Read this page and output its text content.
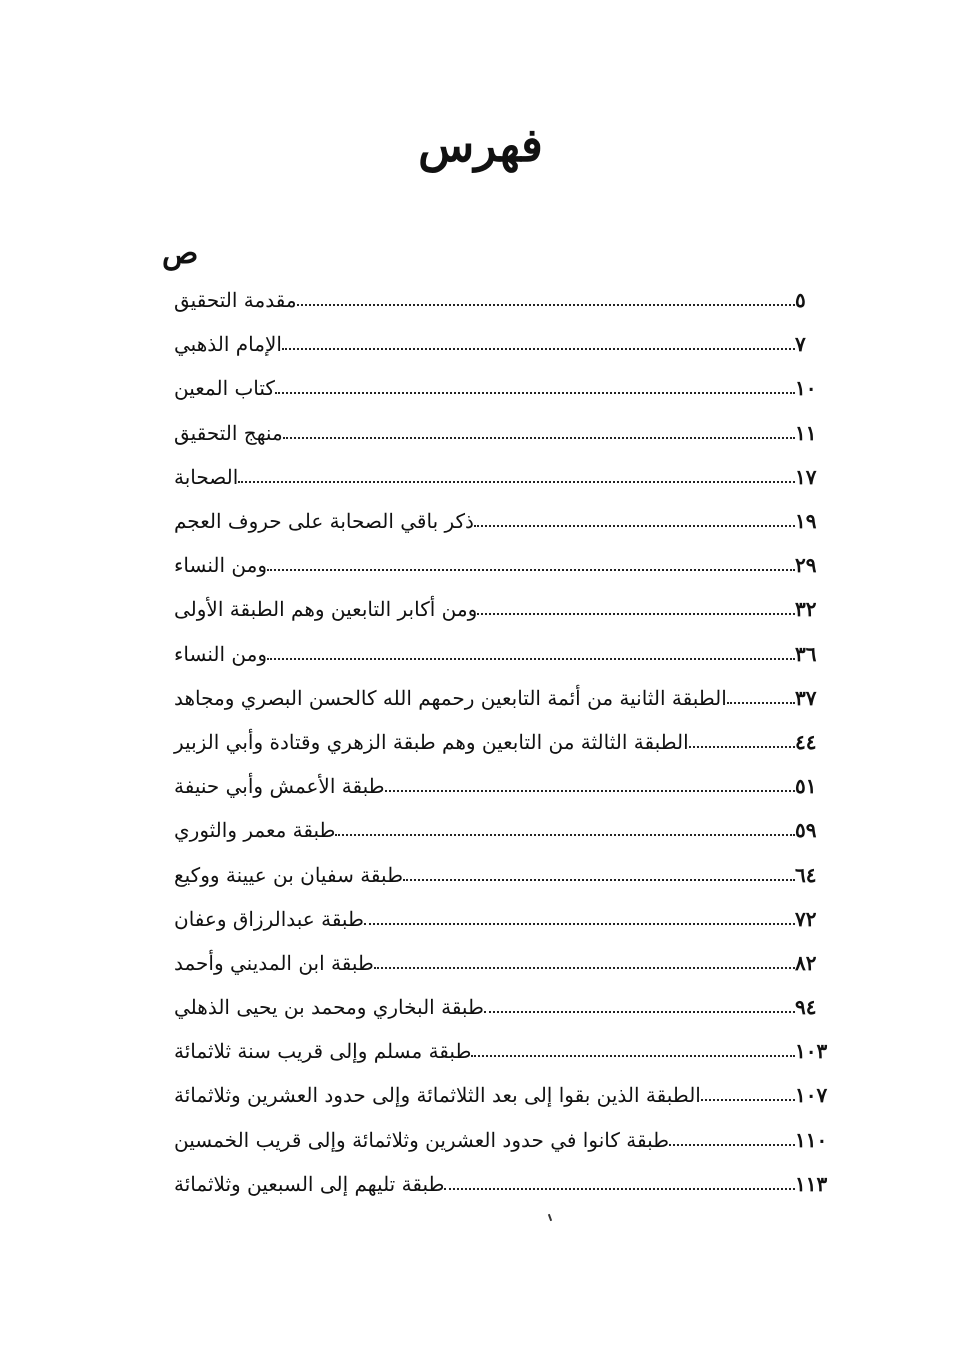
فهرس
ص
مقدمة التحقيق	٥
الإمام الذهبي	٧
كتاب المعين	١٠
منهج التحقيق	١١
الصحابة	١٧
ذكر باقي الصحابة على حروف العجم	١٩
ومن النساء	٢٩
ومن أكابر التابعين وهم الطبقة الأولى	٣٢
ومن النساء	٣٦
الطبقة الثانية من أئمة التابعين رحمهم الله كالحسن البصري ومجاهد	٣٧
الطبقة الثالثة من التابعين وهم طبقة الزهري وقتادة وأبي الزبير	٤٤
طبقة الأعمش وأبي حنيفة	٥١
طبقة معمر والثوري	٥٩
طبقة سفيان بن عيينة ووكيع	٦٤
طبقة عبدالرزاق وعفان	٧٢
طبقة ابن المديني وأحمد	٨٢
طبقة البخاري ومحمد بن يحيى الذهلي	٩٤
طبقة مسلم وإلى قريب سنة ثلاثمائة	١٠٣
الطبقة الذين بقوا إلى بعد الثلاثمائة وإلى حدود العشرين وثلاثمائة	١٠٧
طبقة كانوا في حدود العشرين وثلاثمائة وإلى قريب الخمسين	١١٠
طبقة تليهم إلى السبعين وثلاثمائة	١١٣
